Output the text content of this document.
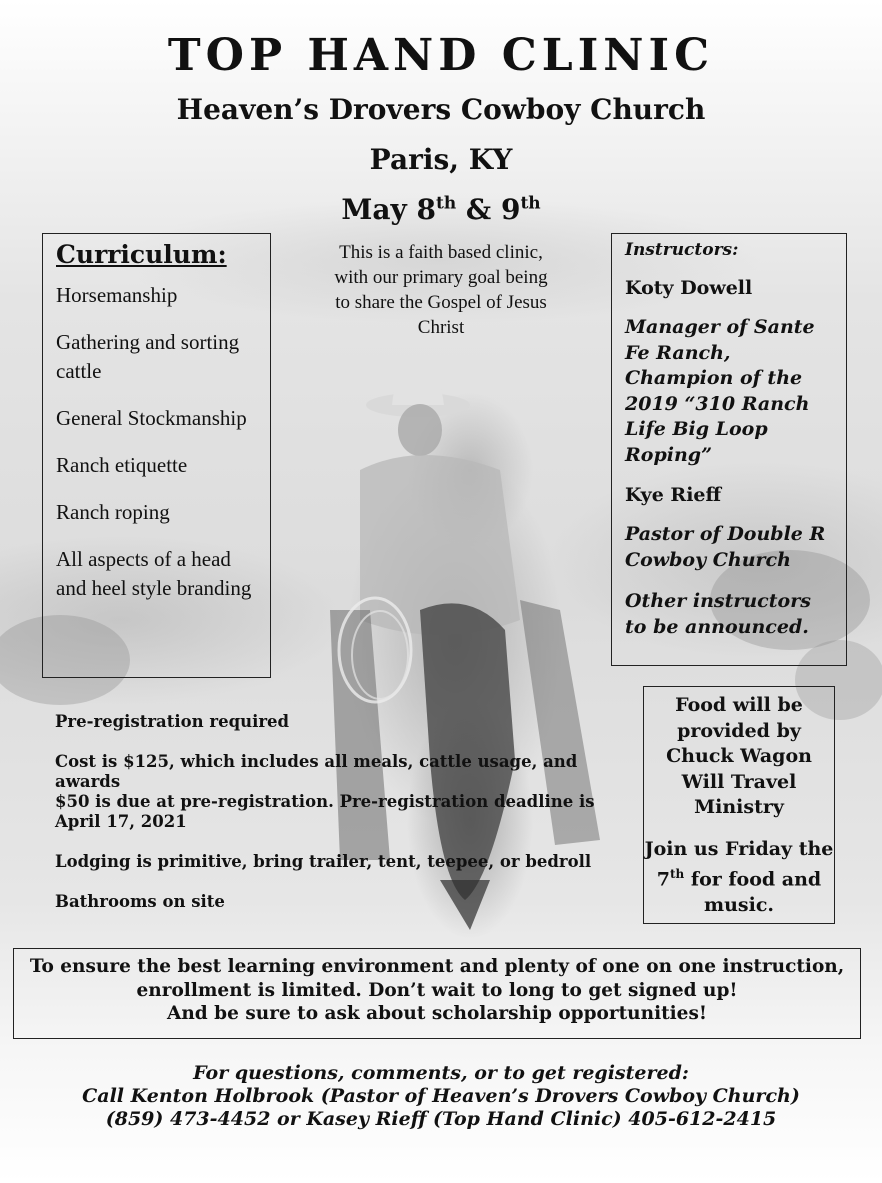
TOP HAND CLINIC
Heaven’s Drovers Cowboy Church
Paris, KY
May 8th & 9th
Curriculum:
Horsemanship
Gathering and sorting cattle
General Stockmanship
Ranch etiquette
Ranch roping
All aspects of a head and heel style branding
This is a faith based clinic, with our primary goal being to share the Gospel of Jesus Christ
Instructors:
Koty Dowell
Manager of Sante Fe Ranch, Champion of the 2019 “310 Ranch Life Big Loop Roping”
Kye Rieff
Pastor of Double R Cowboy Church
Other instructors to be announced.

Pre-registration required

Cost is $125, which includes all meals, cattle usage, and awards

$50 is due at pre-registration. Pre-registration deadline is April 17, 2021

Lodging is primitive, bring trailer, tent, teepee, or bedroll

Bathrooms on site

Food will be provided by Chuck Wagon Will Travel Ministry

Join us Friday the 7th for food and music.

To ensure the best learning environment and plenty of one on one instruction,
enrollment is limited. Don’t wait to long to get signed up!
And be sure to ask about scholarship opportunities!
For questions, comments, or to get registered:
Call Kenton Holbrook (Pastor of Heaven’s Drovers Cowboy Church)
(859) 473-4452 or Kasey Rieff (Top Hand Clinic) 405-612-2415
